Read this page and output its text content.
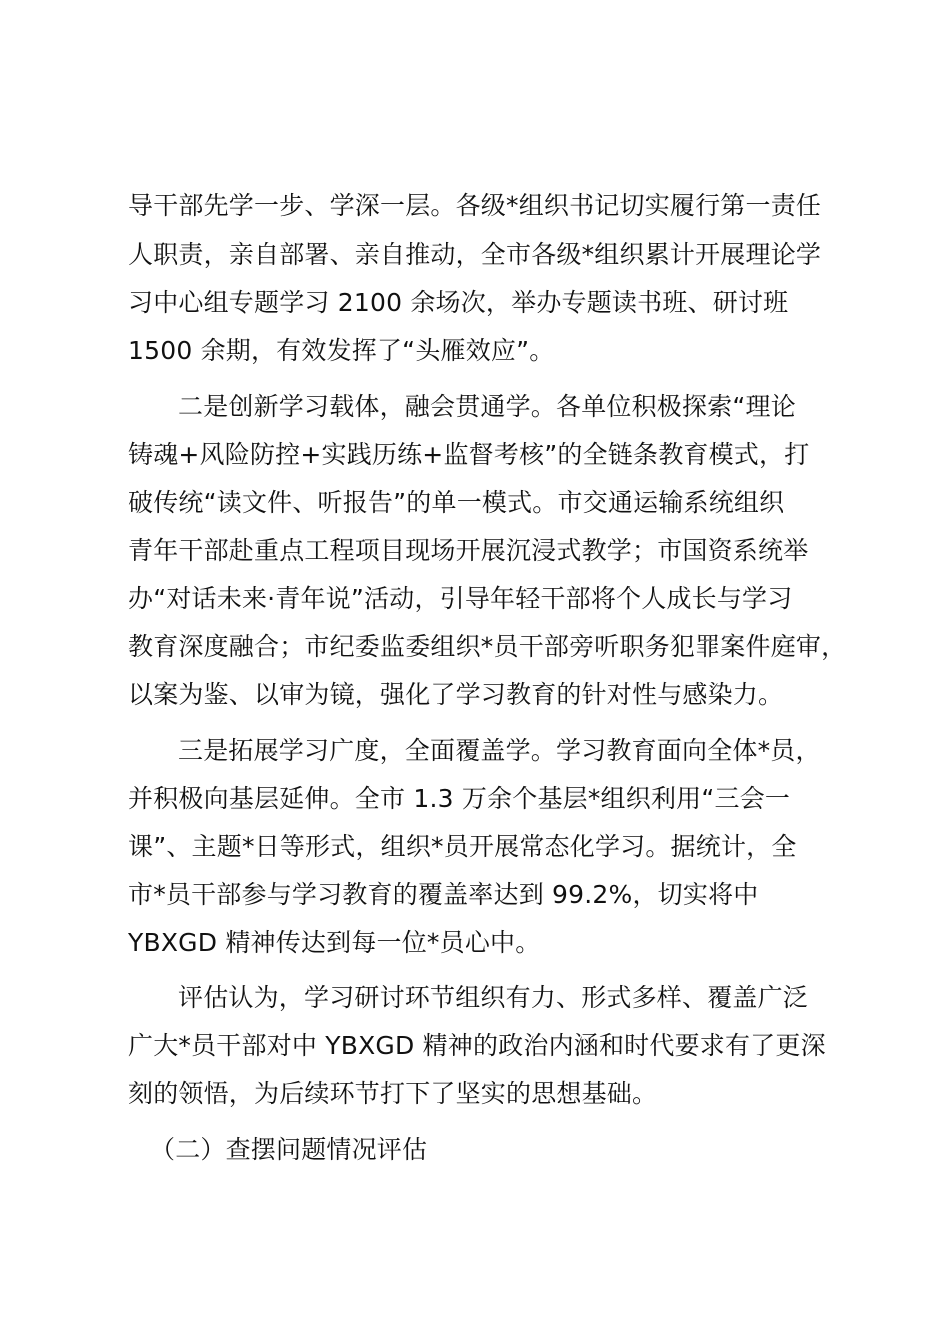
导干部先学一步、学深一层。各级*组织书记切实履行第一责任
人职责，亲自部署、亲自推动，全市各级*组织累计开展理论学
习中心组专题学习 2100 余场次，举办专题读书班、研讨班
1500 余期，有效发挥了“头雁效应”。
二是创新学习载体，融会贯通学。各单位积极探索“理论
铸魂+风险防控+实践历练+监督考核”的全链条教育模式，打
破传统“读文件、听报告”的单一模式。市交通运输系统组织
青年干部赴重点工程项目现场开展沉浸式教学；市国资系统举
办“对话未来·青年说”活动，引导年轻干部将个人成长与学习
教育深度融合；市纪委监委组织*员干部旁听职务犯罪案件庭审，
以案为鉴、以审为镜，强化了学习教育的针对性与感染力。
三是拓展学习广度，全面覆盖学。学习教育面向全体*员，
并积极向基层延伸。全市 1.3 万余个基层*组织利用“三会一
课”、主题*日等形式，组织*员开展常态化学习。据统计，全
市*员干部参与学习教育的覆盖率达到 99.2%，切实将中
YBXGD 精神传达到每一位*员心中。
评估认为，学习研讨环节组织有力、形式多样、覆盖广泛
广大*员干部对中 YBXGD 精神的政治内涵和时代要求有了更深
刻的领悟，为后续环节打下了坚实的思想基础。
（二）查摆问题情况评估
